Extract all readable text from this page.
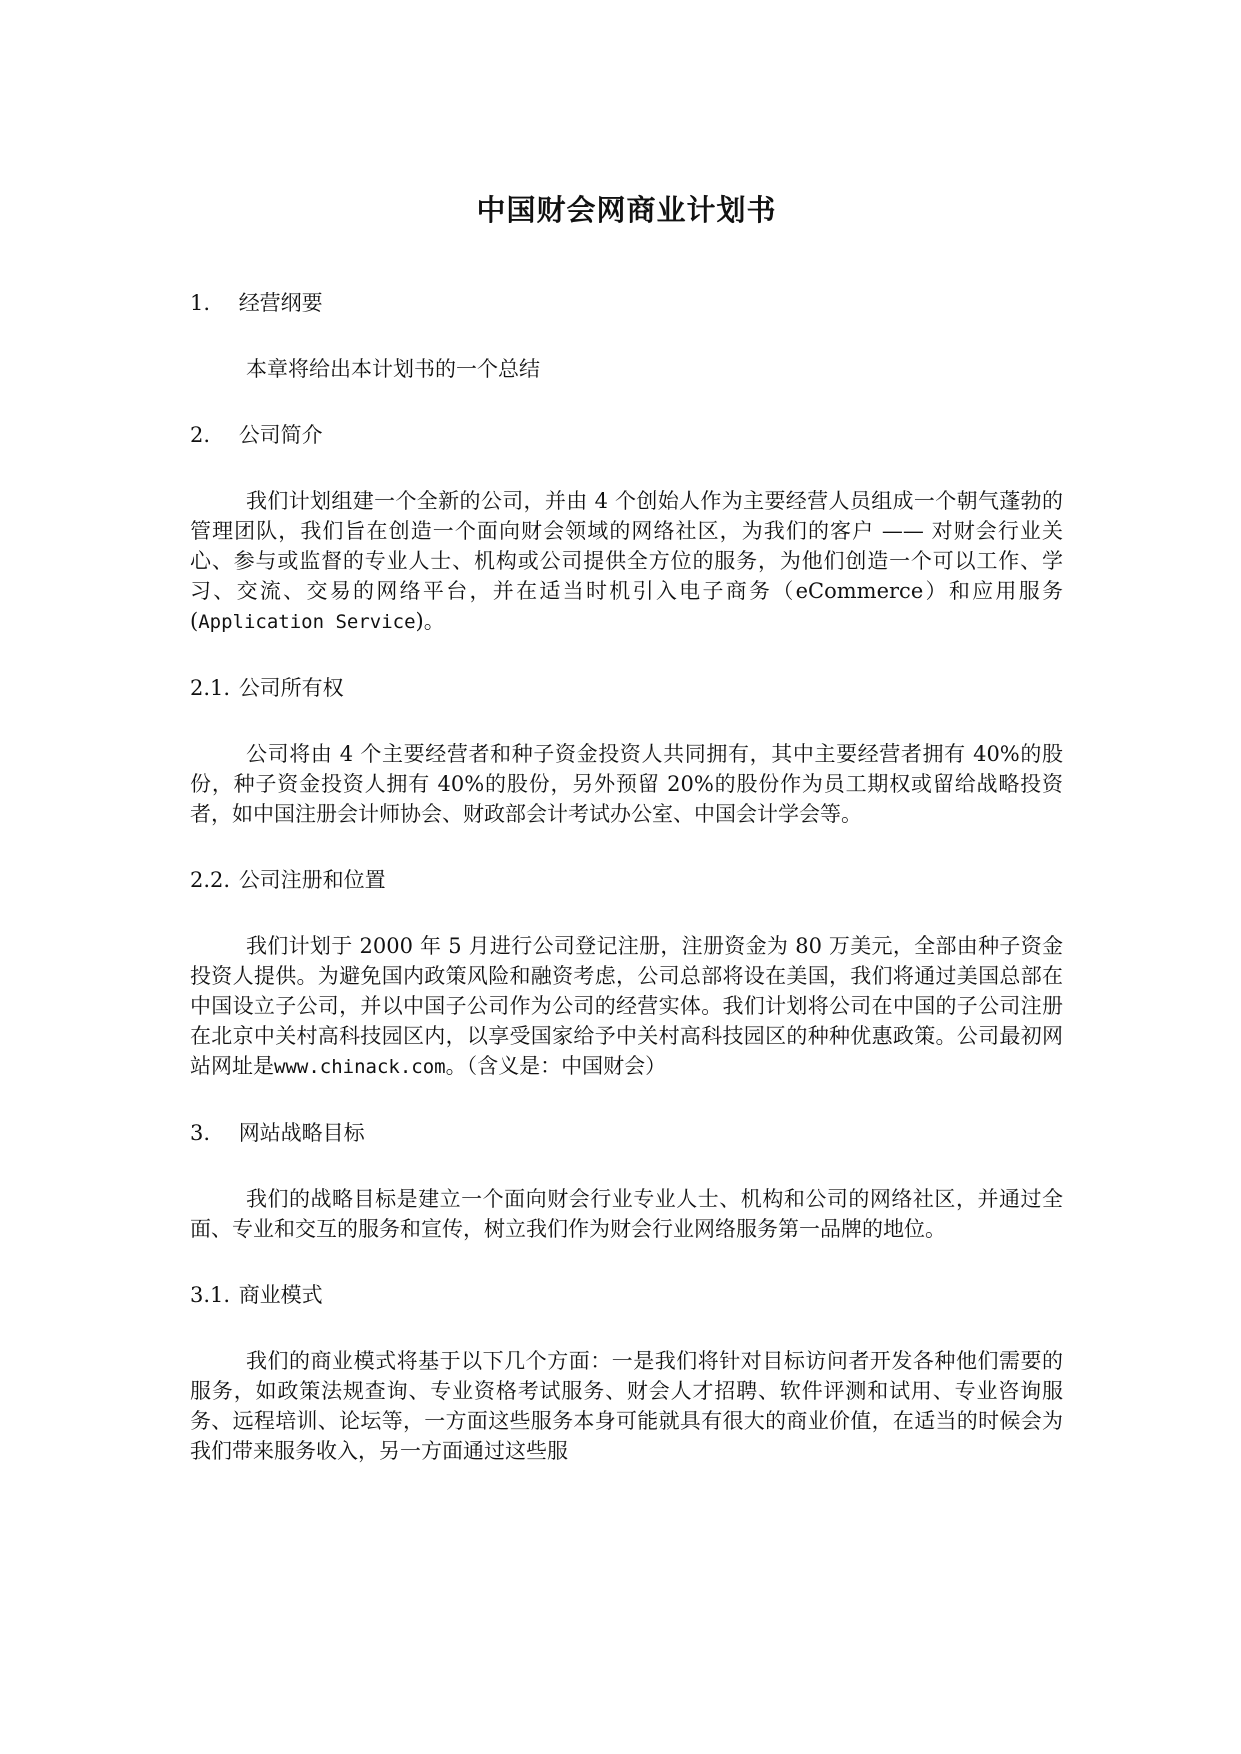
中国财会网商业计划书
1. 经营纲要

本章将给出本计划书的一个总结

2. 公司简介

我们计划组建一个全新的公司，并由 4 个创始人作为主要经营人员组成一个朝气蓬勃的管理团队，我们旨在创造一个面向财会领域的网络社区，为我们的客户 —— 对财会行业关心、参与或监督的专业人士、机构或公司提供全方位的服务，为他们创造一个可以工作、学习、交流、交易的网络平台，并在适当时机引入电子商务（eCommerce）和应用服务(Application Service)。

2.1. 公司所有权

公司将由 4 个主要经营者和种子资金投资人共同拥有，其中主要经营者拥有 40%的股份，种子资金投资人拥有 40%的股份，另外预留 20%的股份作为员工期权或留给战略投资者，如中国注册会计师协会、财政部会计考试办公室、中国会计学会等。

2.2. 公司注册和位置

我们计划于 2000 年 5 月进行公司登记注册，注册资金为 80 万美元，全部由种子资金投资人提供。为避免国内政策风险和融资考虑，公司总部将设在美国，我们将通过美国总部在中国设立子公司，并以中国子公司作为公司的经营实体。我们计划将公司在中国的子公司注册在北京中关村高科技园区内，以享受国家给予中关村高科技园区的种种优惠政策。公司最初网站网址是www.chinack.com。（含义是：中国财会）

3. 网站战略目标

我们的战略目标是建立一个面向财会行业专业人士、机构和公司的网络社区，并通过全面、专业和交互的服务和宣传，树立我们作为财会行业网络服务第一品牌的地位。

3.1. 商业模式

我们的商业模式将基于以下几个方面：一是我们将针对目标访问者开发各种他们需要的服务，如政策法规查询、专业资格考试服务、财会人才招聘、软件评测和试用、专业咨询服务、远程培训、论坛等，一方面这些服务本身可能就具有很大的商业价值，在适当的时候会为我们带来服务收入，另一方面通过这些服
